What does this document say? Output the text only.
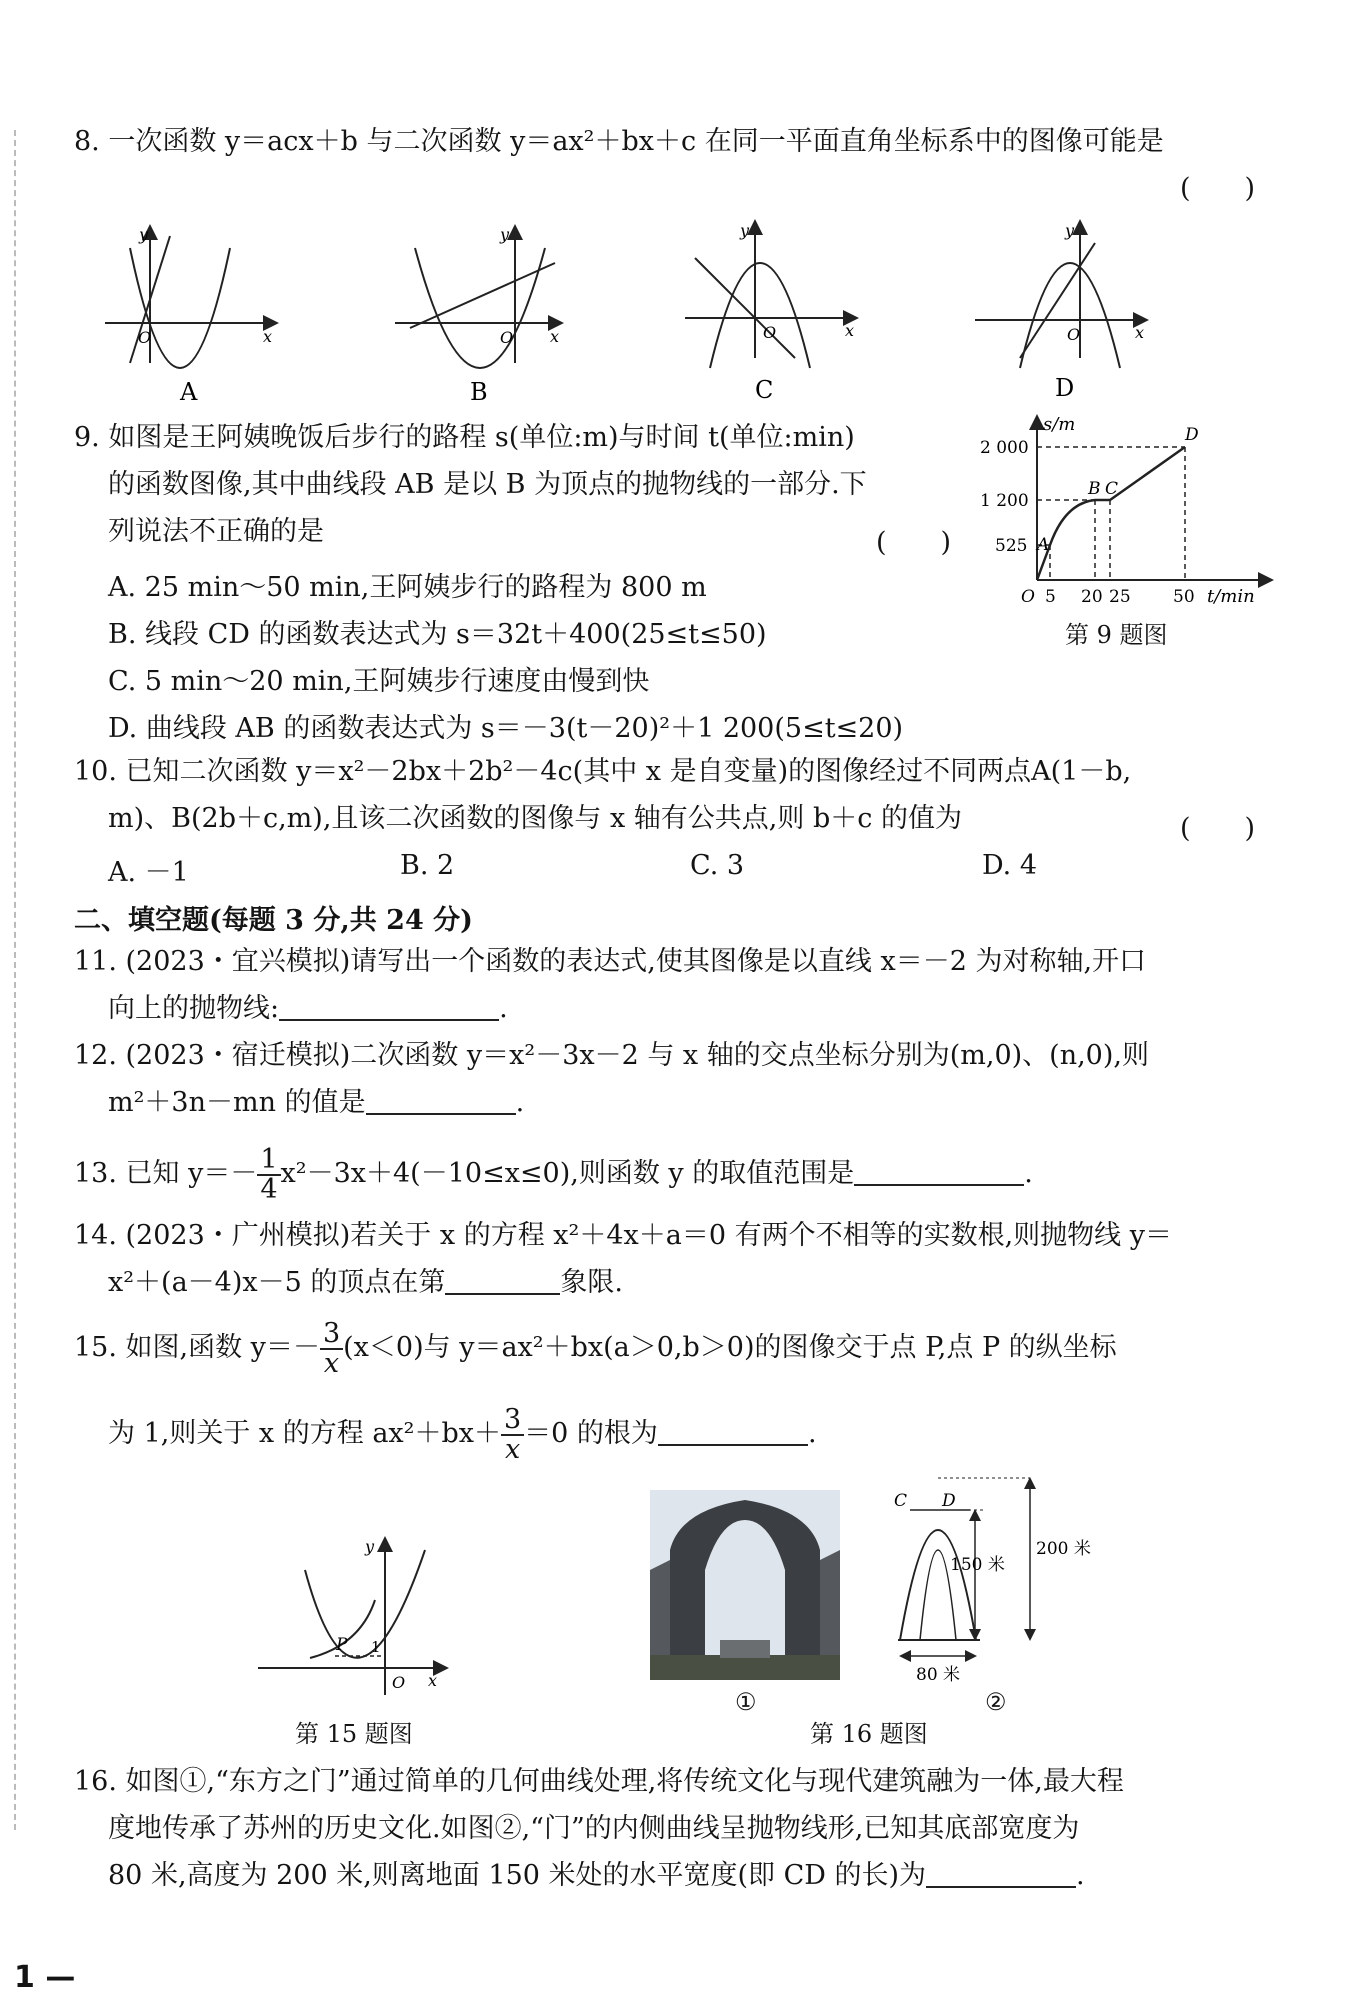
8. 一次函数 y＝acx＋b 与二次函数 y＝ax²＋bx＋c 在同一平面直角坐标系中的图像可能是
(　　)
y
x
O
A
y
x
O
B
y
x
O
C
y
x
O
D
9. 如图是王阿姨晚饭后步行的路程 s(单位:m)与时间 t(单位:min)
的函数图像,其中曲线段 AB 是以 B 为顶点的抛物线的一部分.下
列说法不正确的是	(　　)
A. 25 min～50 min,王阿姨步行的路程为 800 m
B. 线段 CD 的函数表达式为 s＝32t＋400(25≤t≤50)
C. 5 min～20 min,王阿姨步行速度由慢到快
D. 曲线段 AB 的函数表达式为 s＝－3(t－20)²＋1 200(5≤t≤20)
s/m
t/min
2 000
1 200
525
O 5 20 25 50
A
B C
D
第 9 题图
10. 已知二次函数 y＝x²－2bx＋2b²－4c(其中 x 是自变量)的图像经过不同两点A(1－b,
m)、B(2b＋c,m),且该二次函数的图像与 x 轴有公共点,则 b＋c 的值为	(　　)
A. －1	B. 2	C. 3	D. 4
二、填空题(每题 3 分,共 24 分)
11. (2023・宜兴模拟)请写出一个函数的表达式,使其图像是以直线 x＝－2 为对称轴,开口
向上的抛物线:	.
12. (2023・宿迁模拟)二次函数 y＝x²－3x－2 与 x 轴的交点坐标分别为(m,0)、(n,0),则
m²＋3n－mn 的值是	.
13. 已知 $y=- \frac{1}{4} x^2-3x+4(-10\le x\le 0)$,则函数 y 的取值范围是	.
14. (2023・广州模拟)若关于 x 的方程 x²＋4x＋a＝0 有两个不相等的实数根,则抛物线 y＝
x²＋(a－4)x－5 的顶点在第	象限.
15. 如图,函数 $y=- \frac{3}{x} (x<0)$与 y＝ax²＋bx(a＞0,b＞0)的图像交于点 P,点 P 的纵坐标
为 1,则关于 x 的方程 $ax^2+bx+ \frac{3}{x} =0$ 的根为	.
y
x
O
P 1
第 15 题图
①
C D
150 米
200 米
80 米
②
第 16 题图
16. 如图①,“东方之门”通过简单的几何曲线处理,将传统文化与现代建筑融为一体,最大程
度地传承了苏州的历史文化.如图②,“门”的内侧曲线呈抛物线形,已知其底部宽度为
80 米,高度为 200 米,则离地面 150 米处的水平宽度(即 CD 的长)为	.
1 —
